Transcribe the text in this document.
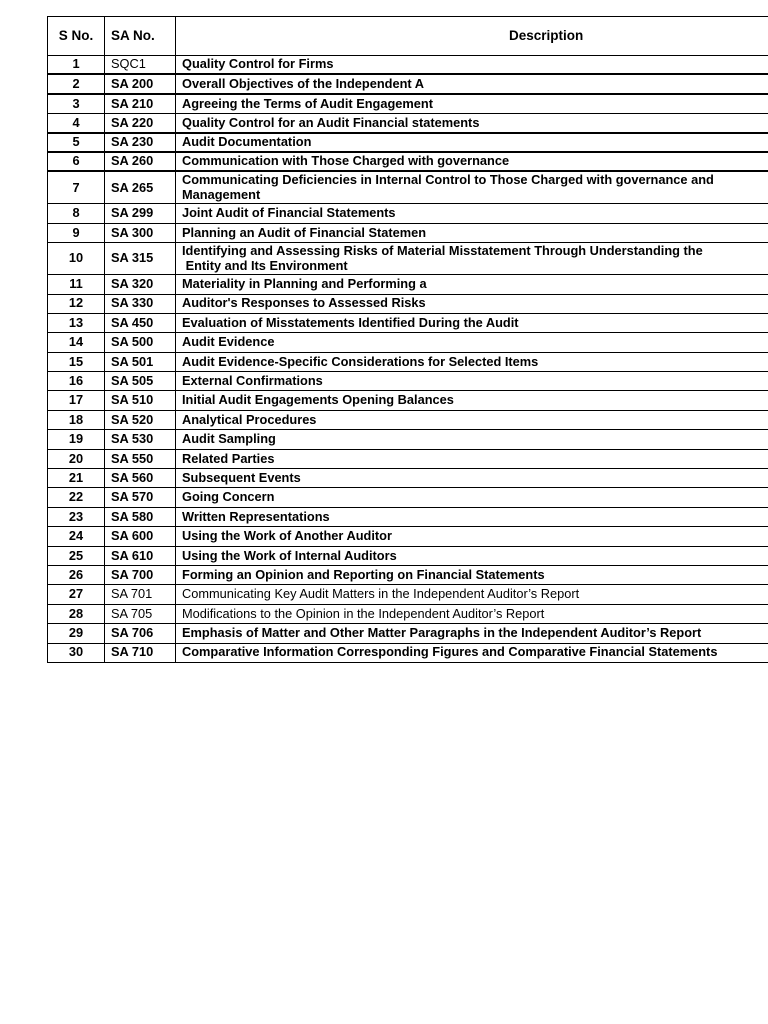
S No.	SA No.	Description
1	SQC1	Quality Control for Firms
2	SA 200	Overall Objectives of the Independent A
3	SA 210	Agreeing the Terms of Audit Engagement
4	SA 220	Quality Control for an Audit Financial statements
5	SA 230	Audit Documentation
6	SA 260	Communication with Those Charged with governance
7	SA 265	Communicating Deficiencies in Internal Control to Those Charged with governance and
Management
8	SA 299	Joint Audit of Financial Statements
9	SA 300	Planning an Audit of Financial Statemen
10	SA 315	Identifying and Assessing Risks of Material Misstatement Through Understanding the
Entity and Its Environment
11	SA 320	Materiality in Planning and Performing a
12	SA 330	Auditor's Responses to Assessed Risks
13	SA 450	Evaluation of Misstatements Identified During the Audit
14	SA 500	Audit Evidence
15	SA 501	Audit Evidence-Specific Considerations for Selected Items
16	SA 505	External Confirmations
17	SA 510	Initial Audit Engagements Opening Balances
18	SA 520	Analytical Procedures
19	SA 530	Audit Sampling
20	SA 550	Related Parties
21	SA 560	Subsequent Events
22	SA 570	Going Concern
23	SA 580	Written Representations
24	SA 600	Using the Work of Another Auditor
25	SA 610	Using the Work of Internal Auditors
26	SA 700	Forming an Opinion and Reporting on Financial Statements
27	SA 701	Communicating Key Audit Matters in the Independent Auditor’s Report
28	SA 705	Modifications to the Opinion in the Independent Auditor’s Report
29	SA 706	Emphasis of Matter and Other Matter Paragraphs in the Independent Auditor’s Report
30	SA 710	Comparative Information Corresponding Figures and Comparative Financial Statements
